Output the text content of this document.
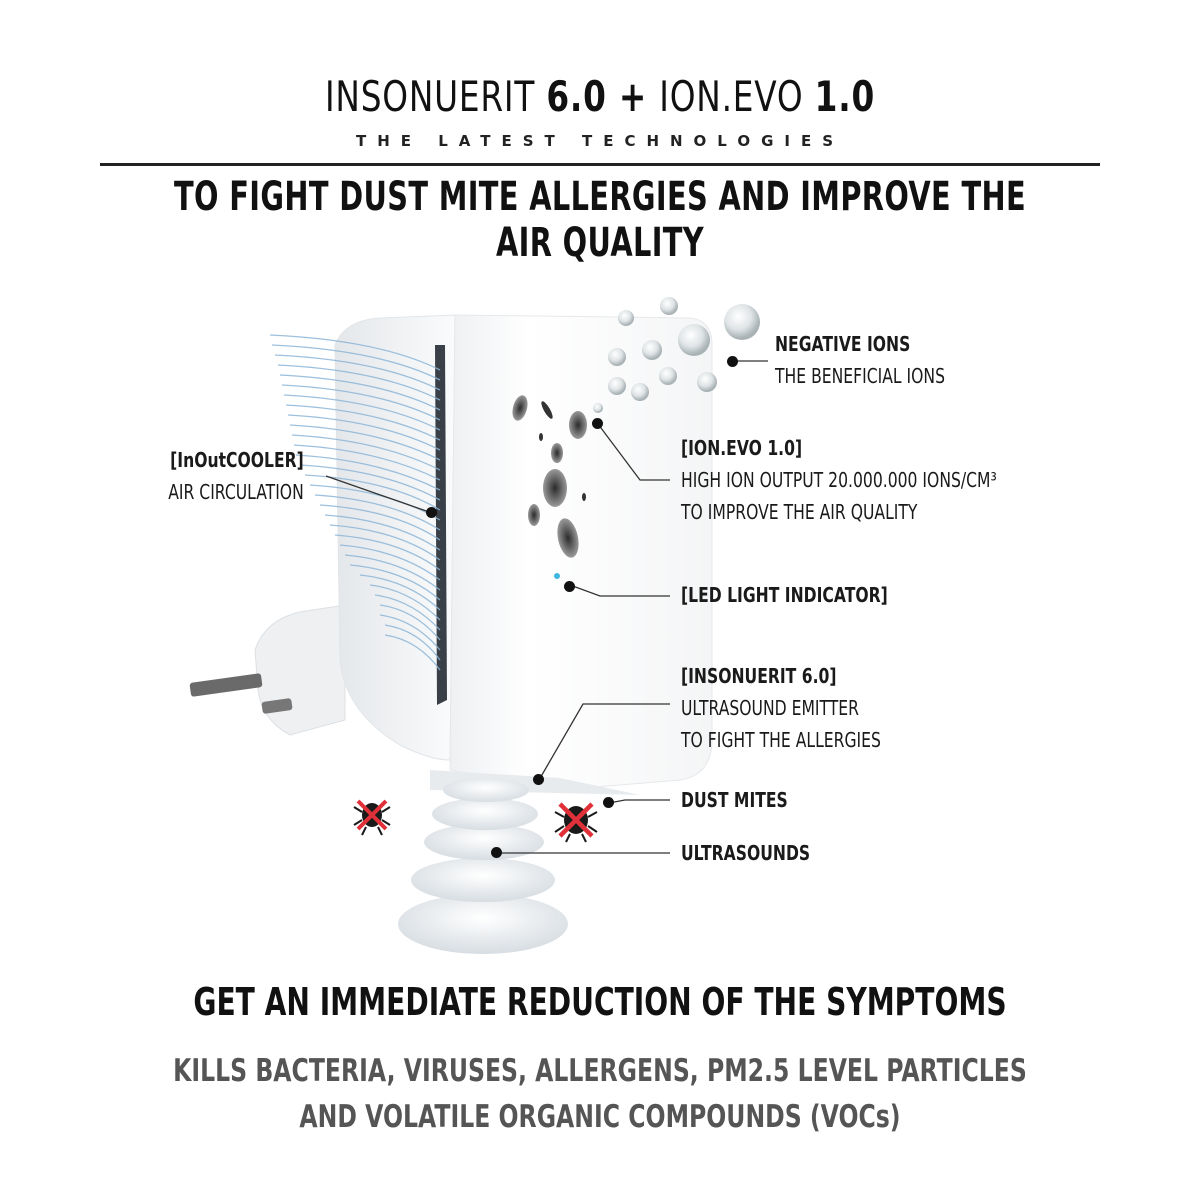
INSONUERIT 6.0 + ION.EVO 1.0
THE LATEST TECHNOLOGIES
TO FIGHT DUST MITE ALLERGIES AND IMPROVE THE AIR QUALITY
NEGATIVE IONS
THE BENEFICIAL IONS
[ION.EVO 1.0]
HIGH ION OUTPUT 20.000.000 IONS/CM³
TO IMPROVE THE AIR QUALITY
[LED LIGHT INDICATOR]
[INSONUERIT 6.0]
ULTRASOUND EMITTER
TO FIGHT THE ALLERGIES
DUST MITES
ULTRASOUNDS
[InOutCOOLER]
AIR CIRCULATION
GET AN IMMEDIATE REDUCTION OF THE SYMPTOMS
KILLS BACTERIA, VIRUSES, ALLERGENS, PM2.5 LEVEL PARTICLES
AND VOLATILE ORGANIC COMPOUNDS (VOCs)
